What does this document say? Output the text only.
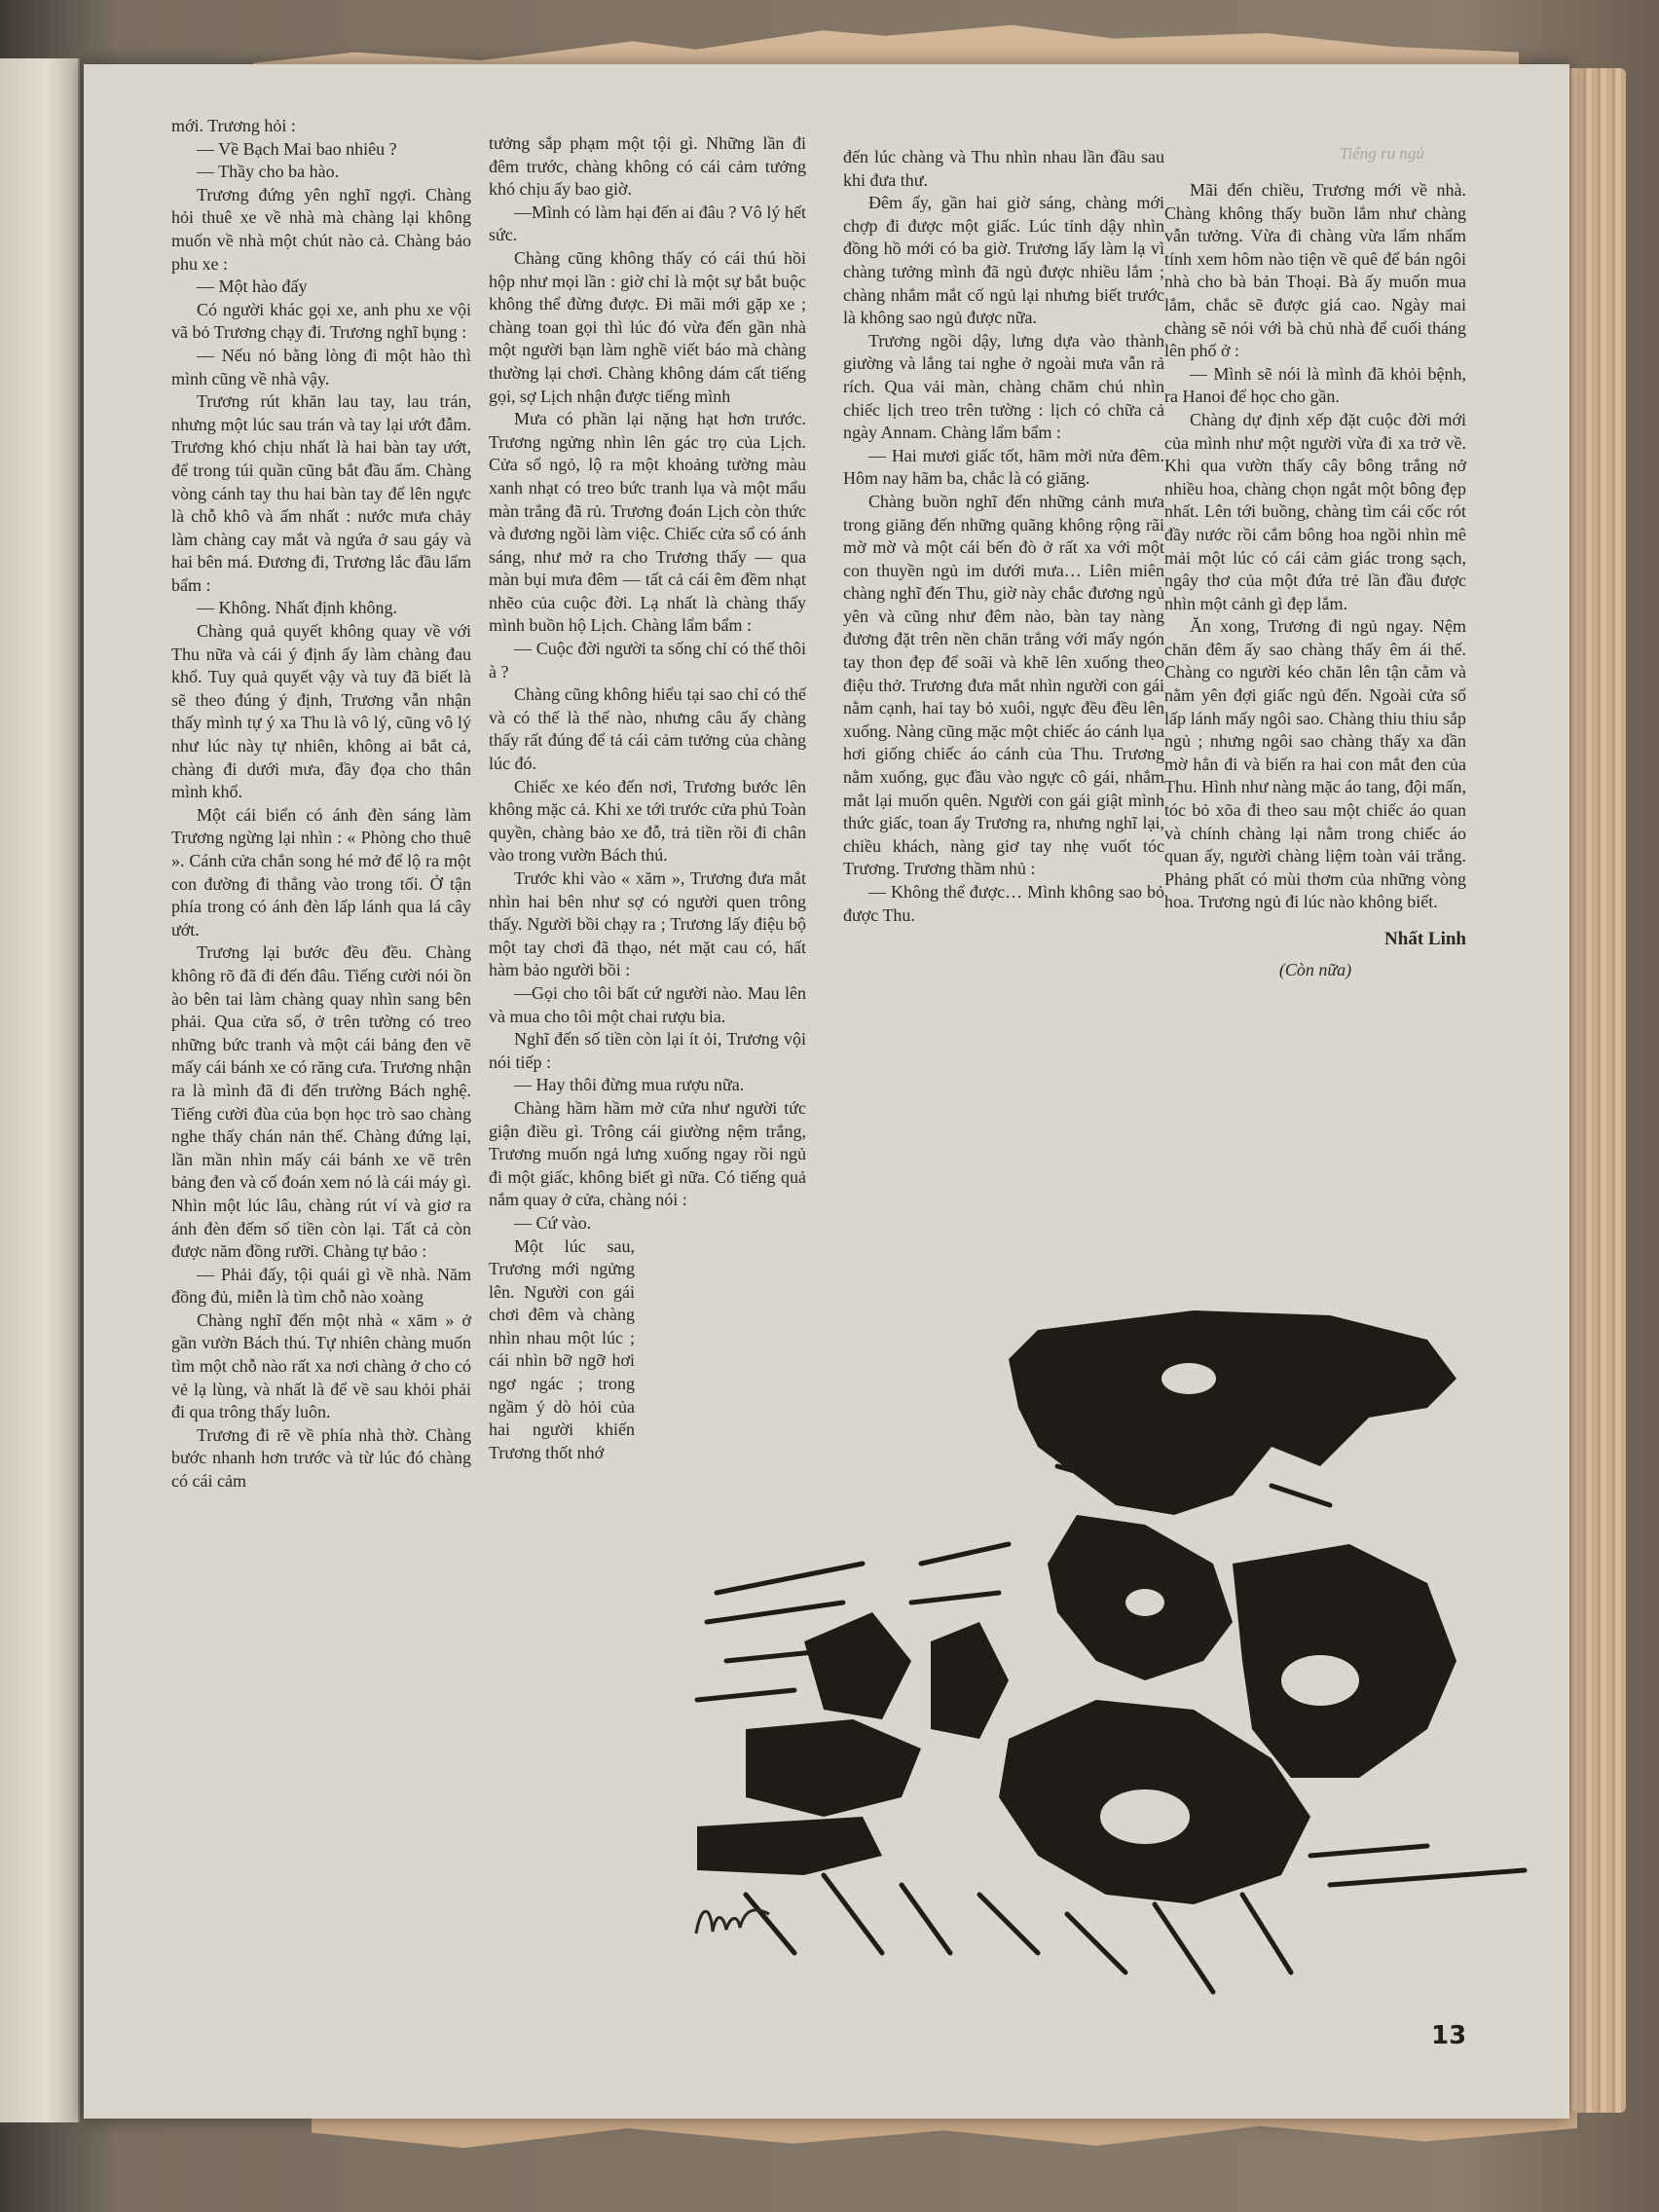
Tiếng ru ngủ

mới. Trương hỏi :

— Về Bạch Mai bao nhiêu ?

— Thầy cho ba hào.

Trương đứng yên nghĩ ngợi. Chàng hỏi thuê xe về nhà mà chàng lại không muốn về nhà một chút nào cả. Chàng bảo phu xe :

— Một hào đấy

Có người khác gọi xe, anh phu xe vội vã bỏ Trương chạy đi. Trương nghĩ bụng :

— Nếu nó bằng lòng đi một hào thì mình cũng về nhà vậy.

Trương rút khăn lau tay, lau trán, nhưng một lúc sau trán và tay lại ướt đẫm. Trương khó chịu nhất là hai bàn tay ướt, để trong túi quần cũng bắt đầu ẩm. Chàng vòng cánh tay thu hai bàn tay để lên ngực là chỗ khô và ấm nhất : nước mưa chảy làm chàng cay mắt và ngứa ở sau gáy và hai bên má. Đương đi, Trương lắc đầu lẩm bẩm :

— Không. Nhất định không.

Chàng quả quyết không quay về với Thu nữa và cái ý định ấy làm chàng đau khổ. Tuy quả quyết vậy và tuy đã biết là sẽ theo đúng ý định, Trương vẫn nhận thấy mình tự ý xa Thu là vô lý, cũng vô lý như lúc này tự nhiên, không ai bắt cả, chàng đi dưới mưa, đầy đọa cho thân mình khổ.

Một cái biển có ánh đèn sáng làm Trương ngừng lại nhìn : « Phòng cho thuê ». Cánh cửa chắn song hé mở để lộ ra một con đường đi thẳng vào trong tối. Ở tận phía trong có ánh đèn lấp lánh qua lá cây ướt.

Trương lại bước đều đều. Chàng không rõ đã đi đến đâu. Tiếng cười nói ồn ào bên tai làm chàng quay nhìn sang bên phải. Qua cửa sổ, ở trên tường có treo những bức tranh và một cái bảng đen vẽ mấy cái bánh xe có răng cưa. Trương nhận ra là mình đã đi đến trường Bách nghệ. Tiếng cười đùa của bọn học trò sao chàng nghe thấy chán nản thế. Chàng đứng lại, lần mần nhìn mấy cái bánh xe vẽ trên bảng đen và cố đoán xem nó là cái máy gì. Nhìn một lúc lâu, chàng rút ví và giơ ra ánh đèn đếm số tiền còn lại. Tất cả còn được năm đồng rưỡi. Chàng tự bảo :

— Phải đấy, tội quái gì về nhà. Năm đồng đủ, miễn là tìm chỗ nào xoàng

Chàng nghĩ đến một nhà « xăm » ở gần vườn Bách thú. Tự nhiên chàng muốn tìm một chỗ nào rất xa nơi chàng ở cho có vẻ lạ lùng, và nhất là để về sau khỏi phải đi qua trông thấy luôn.

Trương đi rẽ về phía nhà thờ. Chàng bước nhanh hơn trước và từ lúc đó chàng có cái cảm

tưởng sắp phạm một tội gì. Những lần đi đêm trước, chàng không có cái cảm tưởng khó chịu ấy bao giờ.

—Mình có làm hại đến ai đâu ? Vô lý hết sức.

Chàng cũng không thấy có cái thú hồi hộp như mọi lần : giờ chỉ là một sự bắt buộc không thể đừng được. Đi mãi mới gặp xe ; chàng toan gọi thì lúc đó vừa đến gần nhà một người bạn làm nghề viết báo mà chàng thường lại chơi. Chàng không dám cất tiếng gọi, sợ Lịch nhận được tiếng mình

Mưa có phần lại nặng hạt hơn trước. Trương ngửng nhìn lên gác trọ của Lịch. Cửa sổ ngỏ, lộ ra một khoảng tường màu xanh nhạt có treo bức tranh lụa và một mẩu màn trắng đã rủ. Trương đoán Lịch còn thức và đương ngồi làm việc. Chiếc cửa sổ có ánh sáng, như mở ra cho Trương thấy — qua màn bụi mưa đêm — tất cả cái êm đềm nhạt nhẽo của cuộc đời. Lạ nhất là chàng thấy mình buồn hộ Lịch. Chàng lẩm bẩm :

— Cuộc đời người ta sống chỉ có thế thôi à ?

Chàng cũng không hiểu tại sao chỉ có thế và có thế là thế nào, nhưng câu ấy chàng thấy rất đúng để tả cái cảm tưởng của chàng lúc đó.

Chiếc xe kéo đến nơi, Trương bước lên không mặc cả. Khi xe tới trước cửa phủ Toàn quyền, chàng bảo xe đỗ, trả tiền rồi đi chân vào trong vườn Bách thú.

Trước khi vào « xăm », Trương đưa mắt nhìn hai bên như sợ có người quen trông thấy. Người bồi chạy ra ; Trương lấy điệu bộ một tay chơi đã thạo, nét mặt cau có, hất hàm bảo người bồi :

—Gọi cho tôi bất cứ người nào. Mau lên và mua cho tôi một chai rượu bia.

Nghĩ đến số tiền còn lại ít ỏi, Trương vội nói tiếp :

— Hay thôi đừng mua rượu nữa.

Chàng hầm hầm mở cửa như người tức giận điều gì. Trông cái giường nệm trắng, Trương muốn ngả lưng xuống ngay rồi ngủ đi một giấc, không biết gì nữa. Có tiếng quả nắm quay ở cửa, chàng nói :

— Cứ vào.

Một lúc sau, Trương mới ngửng lên. Người con gái chơi đêm và chàng nhìn nhau một lúc ; cái nhìn bỡ ngỡ hơi ngơ ngác ; trong ngầm ý dò hỏi của hai người khiến Trương thốt nhớ

đến lúc chàng và Thu nhìn nhau lần đầu sau khi đưa thư.

Đêm ấy, gần hai giờ sáng, chàng mới chợp đi được một giấc. Lúc tỉnh dậy nhìn đồng hồ mới có ba giờ. Trương lấy làm lạ vì chàng tưởng mình đã ngủ được nhiều lắm ; chàng nhắm mắt cố ngủ lại nhưng biết trước là không sao ngủ được nữa.

Trương ngồi dậy, lưng dựa vào thành giường và lắng tai nghe ở ngoài mưa vẫn rả rích. Qua vải màn, chàng chăm chú nhìn chiếc lịch treo trên tường : lịch có chữa cả ngày Annam. Chàng lẩm bẩm :

— Hai mươi giấc tốt, hãm mời nửa đêm. Hôm nay hãm ba, chắc là có giăng.

Chàng buồn nghĩ đến những cảnh mưa trong giăng đến những quãng không rộng rãi mờ mờ và một cái bến đò ở rất xa với một con thuyền ngủ im dưới mưa… Liên miên chàng nghĩ đến Thu, giờ này chắc đương ngủ yên và cũng như đêm nào, bàn tay nàng đương đặt trên nền chăn trắng với mấy ngón tay thon đẹp để soãi và khẽ lên xuống theo điệu thở. Trương đưa mắt nhìn người con gái nằm cạnh, hai tay bỏ xuôi, ngực đều đều lên xuống. Nàng cũng mặc một chiếc áo cánh lụa hơi giống chiếc áo cánh của Thu. Trương nằm xuống, gục đầu vào ngực cô gái, nhắm mắt lại muốn quên. Người con gái giật mình thức giấc, toan ẩy Trương ra, nhưng nghĩ lại, chiều khách, nàng giơ tay nhẹ vuốt tóc Trương. Trương thầm nhủ :

— Không thể được… Mình không sao bỏ được Thu.

Mãi đến chiều, Trương mới về nhà. Chàng không thấy buồn lắm như chàng vẫn tưởng. Vừa đi chàng vừa lẩm nhẩm tính xem hôm nào tiện về quê để bán ngôi nhà cho bà bản Thoại. Bà ấy muốn mua lắm, chắc sẽ được giá cao. Ngày mai chàng sẽ nói với bà chủ nhà để cuối tháng lên phố ở :

— Mình sẽ nói là mình đã khỏi bệnh, ra Hanoi để học cho gần.

Chàng dự định xếp đặt cuộc đời mới của mình như một người vừa đi xa trở về. Khi qua vườn thấy cây bông trắng nở nhiều hoa, chàng chọn ngắt một bông đẹp nhất. Lên tới buồng, chàng tìm cái cốc rót đầy nước rồi cắm bông hoa ngồi nhìn mê mải một lúc có cái cảm giác trong sạch, ngây thơ của một đứa trẻ lần đầu được nhìn một cảnh gì đẹp lắm.

Ăn xong, Trương đi ngủ ngay. Nệm chăn đêm ấy sao chàng thấy êm ái thế. Chàng co người kéo chăn lên tận cằm và nằm yên đợi giấc ngủ đến. Ngoài cửa sổ lấp lánh mấy ngôi sao. Chàng thiu thiu sắp ngủ ; nhưng ngôi sao chàng thấy xa dần mờ hẳn đi và biến ra hai con mắt đen của Thu. Hình như nàng mặc áo tang, đội mấn, tóc bỏ xõa đi theo sau một chiếc áo quan và chính chàng lại nằm trong chiếc áo quan ấy, người chàng liệm toàn vải trắng. Phảng phất có mùi thơm của những vòng hoa. Trương ngủ đi lúc nào không biết.

Nhất Linh

(Còn nữa)

13
